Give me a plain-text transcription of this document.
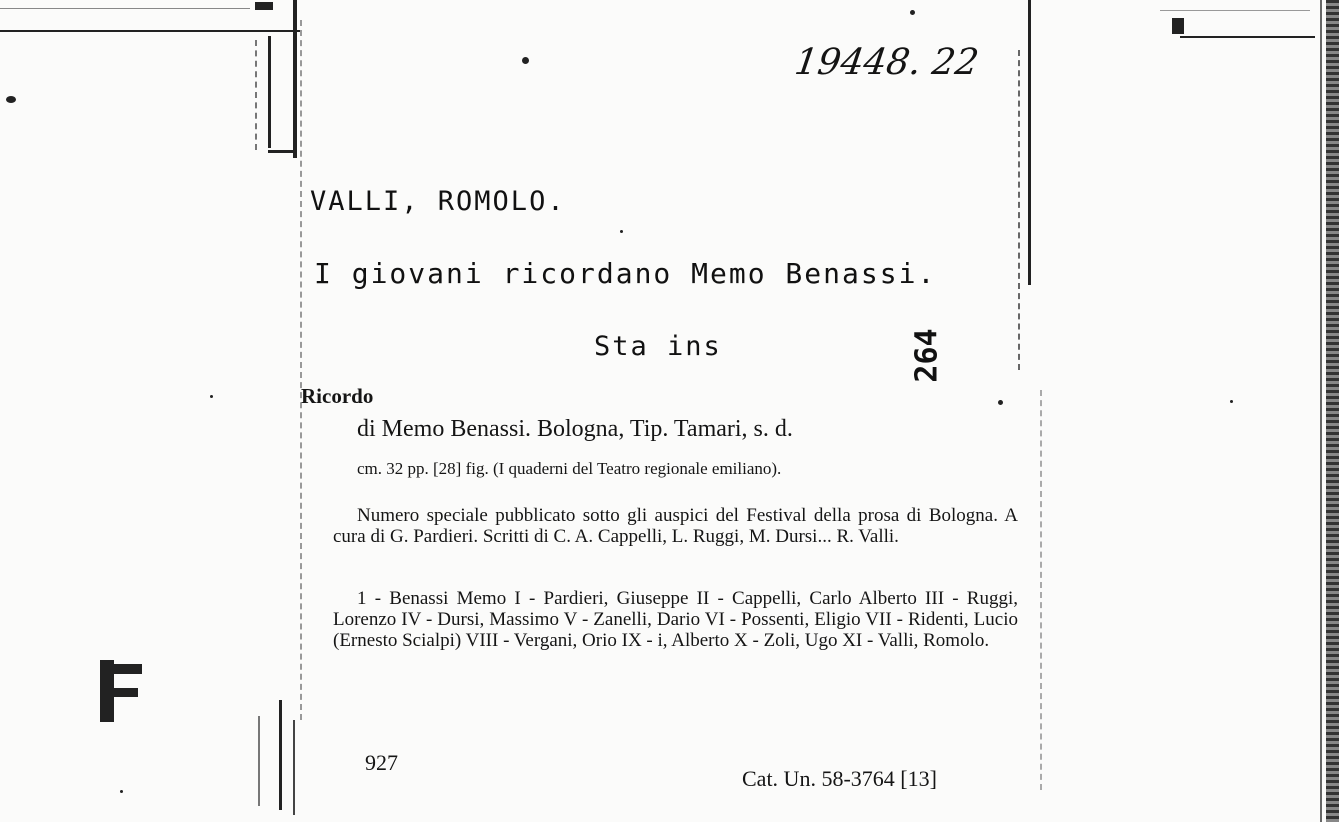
19448. 22
VALLI, ROMOLO.
I giovani ricordano Memo Benassi.
Sta ins	264
Ricordo
di Memo Benassi. Bologna, Tip. Tamari, s. d.
cm. 32 pp. [28] fig. (I quaderni del Teatro regionale emiliano).
Numero speciale pubblicato sotto gli auspici del Festival della prosa di Bologna. A cura di G. Pardieri. Scritti di C. A. Cappelli, L. Ruggi, M. Dursi... R. Valli.
1 - Benassi Memo I - Pardieri, Giuseppe II - Cappelli, Carlo Alberto III - Ruggi, Lorenzo IV - Dursi, Massimo V - Zanelli, Dario VI - Possenti, Eligio VII - Ridenti, Lucio (Ernesto Scialpi) VIII - Vergani, Orio IX - i, Alberto X - Zoli, Ugo XI - Valli, Romolo.
927
Cat. Un. 58-3764 [13]
